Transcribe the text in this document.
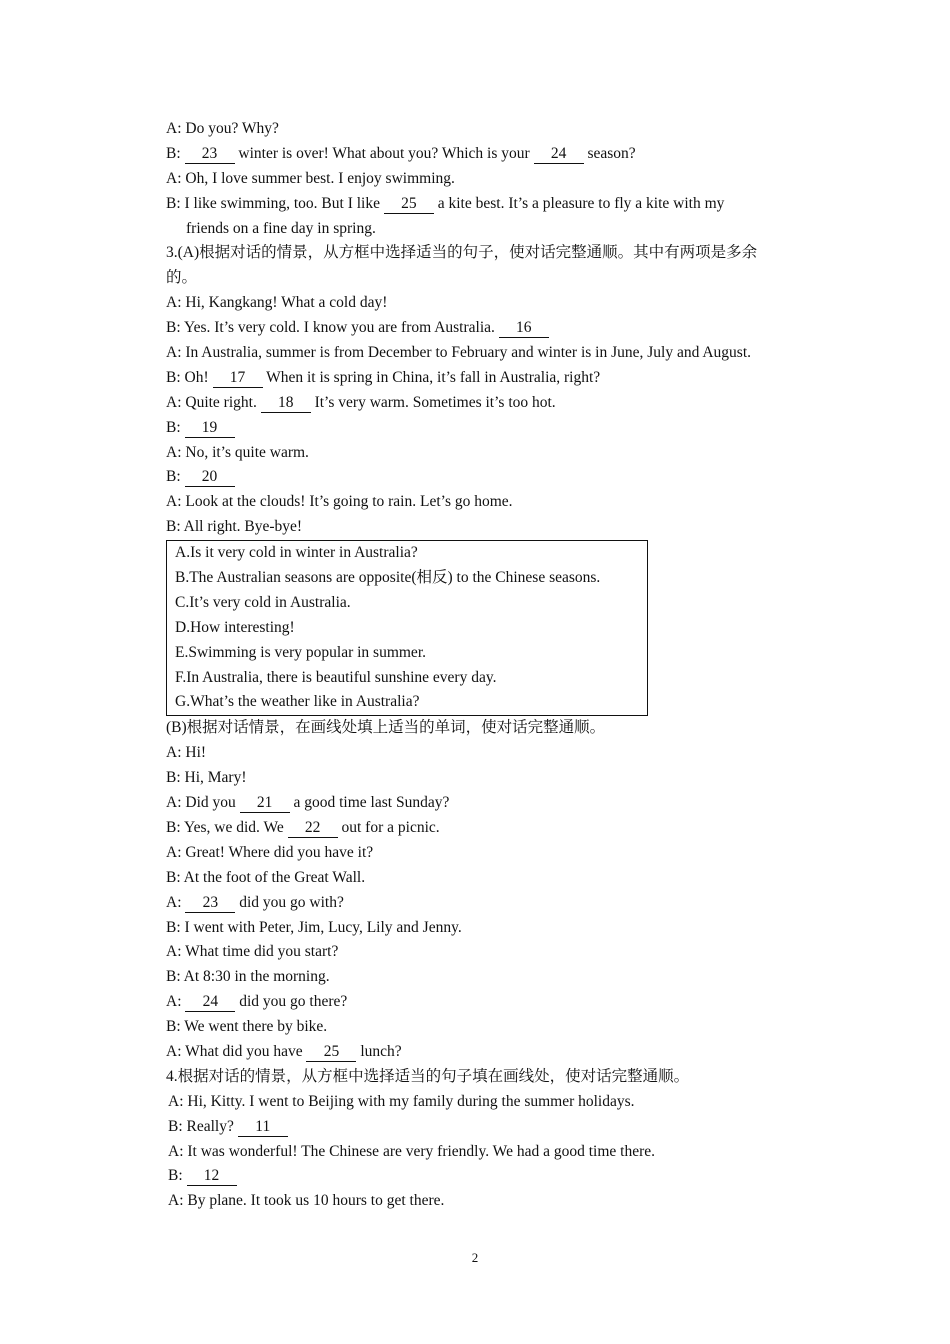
A: Do you? Why?
B: 23 winter is over! What about you? Which is your 24 season?
A: Oh, I love summer best. I enjoy swimming.
B: I like swimming, too. But I like 25 a kite best. It’s a pleasure to fly a kite with my
friends on a fine day in spring.
3.(A)根据对话的情景，从方框中选择适当的句子，使对话完整通顺。其中有两项是多余
的。
A: Hi, Kangkang! What a cold day!
B: Yes. It’s very cold. I know you are from Australia. 16
A: In Australia, summer is from December to February and winter is in June, July and August.
B: Oh! 17 When it is spring in China, it’s fall in Australia, right?
A: Quite right. 18 It’s very warm. Sometimes it’s too hot.
B: 19
A: No, it’s quite warm.
B: 20
A: Look at the clouds! It’s going to rain. Let’s go home.
B: All right. Bye-bye!
A.Is it very cold in winter in Australia?
B.The Australian seasons are opposite(相反) to the Chinese seasons.
C.It’s very cold in Australia.
D.How interesting!
E.Swimming is very popular in summer.
F.In Australia, there is beautiful sunshine every day.
G.What’s the weather like in Australia?
(B)根据对话情景，在画线处填上适当的单词，使对话完整通顺。
A: Hi!
B: Hi, Mary!
A: Did you 21 a good time last Sunday?
B: Yes, we did. We 22 out for a picnic.
A: Great! Where did you have it?
B: At the foot of the Great Wall.
A: 23 did you go with?
B: I went with Peter, Jim, Lucy, Lily and Jenny.
A: What time did you start?
B: At 8:30 in the morning.
A: 24 did you go there?
B: We went there by bike.
A: What did you have 25 lunch?
4.根据对话的情景，从方框中选择适当的句子填在画线处，使对话完整通顺。
A: Hi, Kitty. I went to Beijing with my family during the summer holidays.
B: Really? 11
A: It was wonderful! The Chinese are very friendly. We had a good time there.
B: 12
A: By plane. It took us 10 hours to get there.
2
